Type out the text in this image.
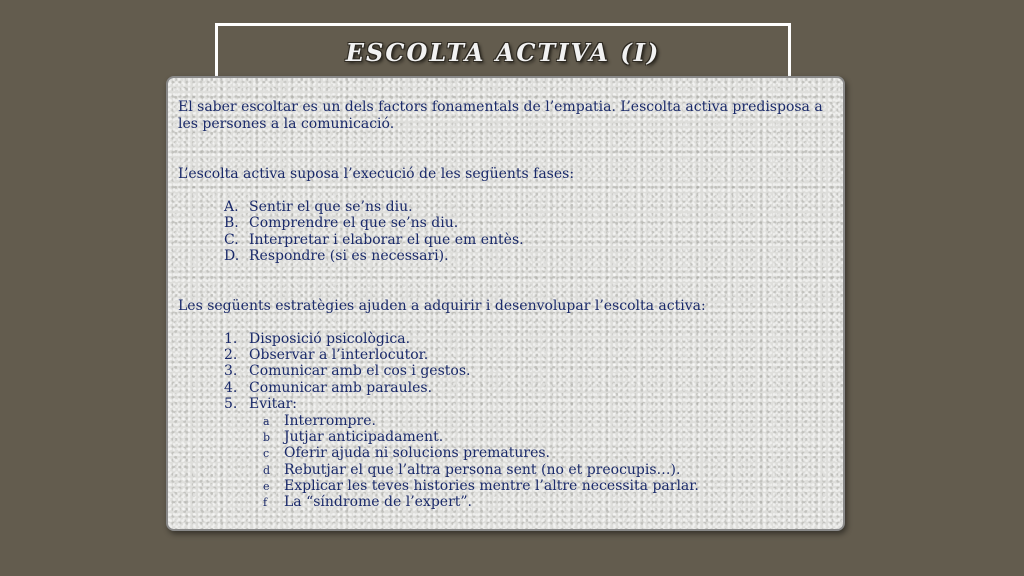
ESCOLTA ACTIVA (I)

El saber escoltar es un dels factors fonamentals de l’empatia. L’escolta activa predisposa a les persones a la comunicació.

L’escolta activa suposa l’execució de les següents fases:

A. Sentir el que se’ns diu.
B. Comprendre el que se’ns diu.
C. Interpretar i elaborar el que em entès.
D. Respondre (si es necessari).

Les següents estratègies ajuden a adquirir i desenvolupar l’escolta activa:

1. Disposició psicològica.
2. Observar a l’interlocutor.
3. Comunicar amb el cos i gestos.
4. Comunicar amb paraules.
5. Evitar:
a Interrompre.
b Jutjar anticipadament.
c Oferir ajuda ni solucions prematures.
d Rebutjar el que l’altra persona sent (no et preocupis…).
e Explicar les teves histories mentre l’altre necessita parlar.
f La “síndrome de l’expert”.
